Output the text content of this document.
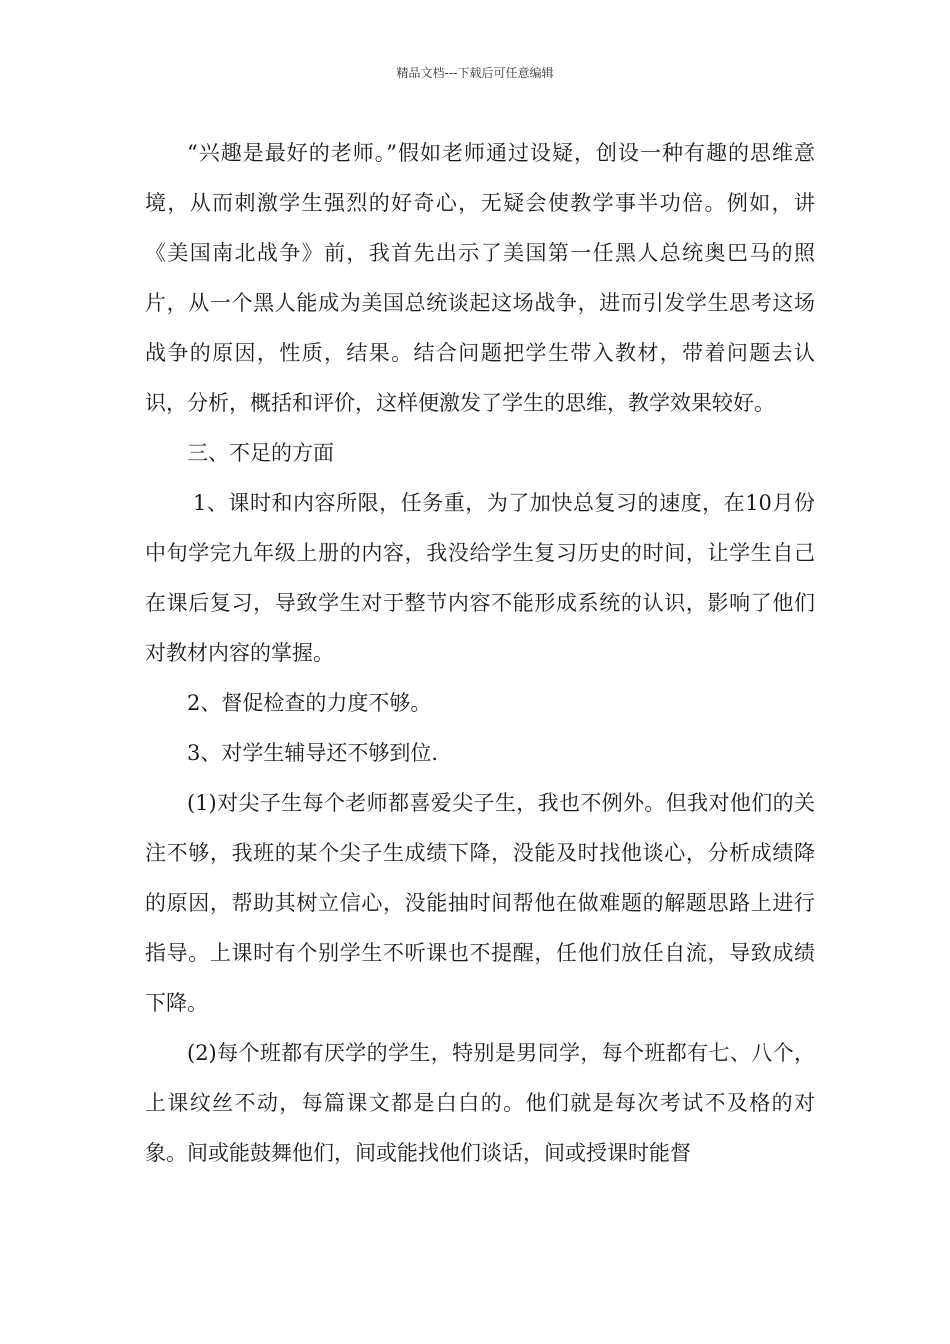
精品文档---下载后可任意编辑

“兴趣是最好的老师。”假如老师通过设疑，创设一种有趣的思维意境，从而刺激学生强烈的好奇心，无疑会使教学事半功倍。例如，讲《美国南北战争》前，我首先出示了美国第一任黑人总统奥巴马的照片，从一个黑人能成为美国总统谈起这场战争，进而引发学生思考这场战争的原因，性质，结果。结合问题把学生带入教材，带着问题去认识，分析，概括和评价，这样便激发了学生的思维，教学效果较好。

三、不足的方面

1、课时和内容所限，任务重，为了加快总复习的速度，在10月份中旬学完九年级上册的内容，我没给学生复习历史的时间，让学生自己在课后复习，导致学生对于整节内容不能形成系统的认识，影响了他们对教材内容的掌握。

2、督促检查的力度不够。

3、对学生辅导还不够到位.

(1)对尖子生每个老师都喜爱尖子生，我也不例外。但我对他们的关注不够，我班的某个尖子生成绩下降，没能及时找他谈心，分析成绩降的原因，帮助其树立信心，没能抽时间帮他在做难题的解题思路上进行指导。上课时有个别学生不听课也不提醒，任他们放任自流，导致成绩下降。

(2)每个班都有厌学的学生，特别是男同学，每个班都有七、八个，上课纹丝不动，每篇课文都是白白的。他们就是每次考试不及格的对象。间或能鼓舞他们，间或能找他们谈话，间或授课时能督
